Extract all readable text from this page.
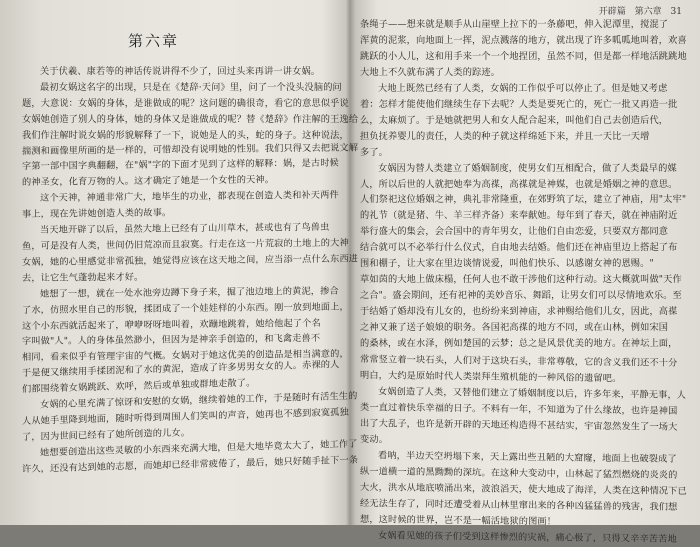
第六章
关于伏羲、康若等的神话传说讲得不少了，回过头来再讲一讲女娲。
最初女娲这名字的出现，只是在《楚辞·天问》里，问了一个没头没脑的问
题，大意说：女娲的身体，是谁做成的呢？这问题的确很奇，看它的意思似乎说
女娲她创造了别人的身体，她的身体又是谁做成的呢？替《楚辞》作注解的王逸给
我们作注解时说女娲的形貌解释了一下，说她是人的头，蛇的身子。这种说法，
揣测和画像里所画的是一样的，可惜却没有说明她的性别。我们只得又去把说文解
字第一部中国字典翻翻，在"娲"字的下面才见到了这样的解释：娲，是古时候
的神圣女，化育万物的人。这才确定了她是一个女性的天神。
这个天神，神通非常广大，地毕生的功业，都表现在创造人类和补天两件
事上，现在先讲她创造人类的故事。
当天地开辟了以后，虽然大地上已经有了山川草木，甚或也有了鸟兽虫
鱼，可是没有人类，世间仍旧荒凉而且寂寞。行走在这一片荒寂的土地上的大神
女娲，她的心里感觉非常孤独，她觉得应该在这天地之间，应当添一点什么东西进
去，让它生气蓬勃起来才好。
她想了一想，就在一处水池旁边蹲下身子来，掘了池边地上的黄泥，掺合
了水，仿照水里自己的形貌，揉团成了一个娃娃样的小东西。刚一放到地面上，
这个小东西就活起来了，咿咿呀呀地叫着，欢蹦地跳着，她给他起了个名
字叫做"人"。人的身体虽然渺小，但因为是神亲手创造的，和飞禽走兽不
相同，看来似乎有管理宇宙的气概。女娲对于她这优美的创造品是相当满意的，
于是便又继续用手揉团泥和了水的黄泥，造成了许多男男女女的人。赤裸的人
们都围绕着女娲跳跃、欢呼，然后或单独或群地走散了。
女娲的心里充满了惊讶和安慰的女娲，继续着她的工作，于是随时有活生生的
人从她手里降到地面，随时听得到周围人们笑叫的声音，她再也不感到寂寞孤独
了，因为世间已经有了她所创造的儿女。
她想要创造出这些灵敏的小东西来充满大地，但是大地毕竟太大了，她工作了
许久，还没有达到她的志愿，而她却已经非常疲倦了，最后，她只好随手扯下一条
开辟篇 第六章 31
条绳子——想来就是顺手从山崖壁上拉下的一条藤吧，伸入泥潭里，搅混了
浑黄的泥浆，向地面上一挥，泥点溅落的地方，就出现了许多呱呱地叫着，欢喜
跳跃的小人儿，这和用手来一个一个地捏团，虽然不同，但是都一样地活跳跳地
大地上不久就布满了人类的踪迹。
大地上既然已经有了人类，女娲的工作似乎可以停止了。但是她又考虑
着：怎样才能使他们继续生存下去呢？人类是要死亡的，死亡一批又再造一批
么，太麻烦了。于是她就把男人和女人配合起来，叫他们自己去创造后代，
担负抚养婴儿的责任，人类的种子就这样绵延下来，并且一天比一天增
多了。
女娲因为替人类建立了婚姻制度，使男女们互相配合，做了人类最早的媒
人，所以后世的人就把她奉为高禖，高禖就是神媒，也就是婚姻之神的意思。
人们祭祀这位婚姻之神，典礼非常隆重，在郊野筑了坛，建立了神庙，用"太牢"
的礼节（就是猪、牛、羊三样齐备）来奉献她。每年到了春天，就在神庙附近
举行盛大的集会，会合国中的青年男女，让他们自由恋爱，只要双方都同意
结合就可以不必举行什么仪式，自由地去结婚。他们还在神庙里边上搭起了布
围和棚子，让大家在里边谈情说爱，叫他们快乐、以感谢女神的恩赐。"
草如茵的大地上做床榻，任何人也不敢干涉他们这种行动。这大概就叫做"天作
之合"。盛会期间，还有祀神的美妙音乐、舞蹈，让男女们可以尽情地欢乐。至
于结婚了婚却没有儿女的，也纷纷来到神庙，求神赐给他们儿女，因此，高禖
之神又兼了送子娘娘的职务。各国祀高禖的地方不同，或在山林，例如宋国
的桑林，或在水泽，例如楚国的云梦；总之是风景优美的地方。在神坛上面，
常常竖立着一块石头，人们对于这块石头，非常尊敬，它的含义我们还不十分
明白，大约是原始时代人类崇拜生殖机能的一种风俗的遗留吧。
女娲创造了人类，又替他们建立了婚姻制度以后，许多年来，平静无事，人
类一直过着快乐幸福的日子。不料有一年，不知道为了什么缘故，也许是神国
出了大乱子，也许是新开辟的天地还构造得不甚结实，宇宙忽然发生了一场大
变动。
看呐，半边天空坍塌下来，天上露出些丑陋的大窟窿，地面上也破裂成了
纵一道横一道的黑黝黝的深坑。在这种大变动中，山林起了猛烈燃烧的炎炎的
大火，洪水从地底喷涌出来，波浪滔天，使大地成了海洋，人类在这种情况下已
经无法生存了，同时还遭受着从山林里窜出来的各种凶猛猛兽的残害，我们想
想，这时候的世界，岂不是一幅活地狱的图画！
女娲看见她的孩子们受到这样惨烈的灾祸，痛心极了，只得又辛辛苦苦地
